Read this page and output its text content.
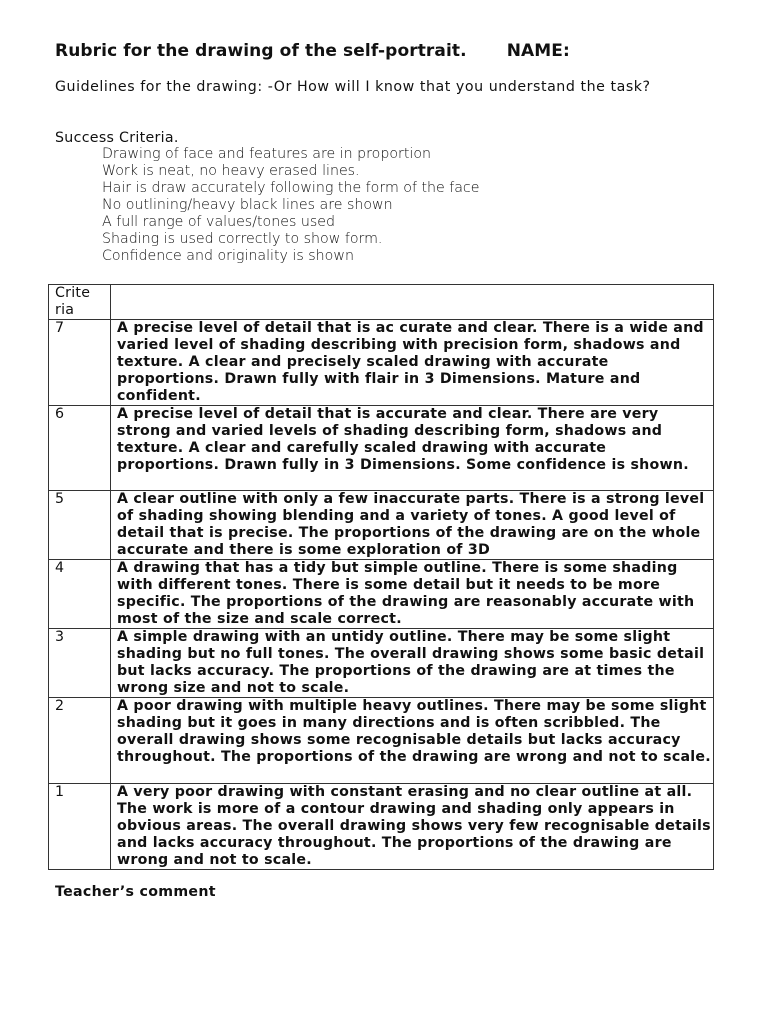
Rubric for the drawing of the self-portrait. NAME:
Guidelines for the drawing: -Or How will I know that you understand the task?
Success Criteria.
Drawing of face and features are in proportion
Work is neat, no heavy erased lines.
Hair is draw accurately following the form of the face
No outlining/heavy black lines are shown
A full range of values/tones used
Shading is used correctly to show form.
Confidence and originality is shown
Crite ria	

7	A precise level of detail that is ac curate and clear. There is a wide and varied level of shading describing with precision form, shadows and texture. A clear and precisely scaled drawing with accurate proportions. Drawn fully with flair in 3 Dimensions. Mature and confident.

6	A precise level of detail that is accurate and clear. There are very strong and varied levels of shading describing form, shadows and texture. A clear and carefully scaled drawing with accurate proportions. Drawn fully in 3 Dimensions. Some confidence is shown.

5	A clear outline with only a few inaccurate parts. There is a strong level of shading showing blending and a variety of tones. A good level of detail that is precise. The proportions of the drawing are on the whole accurate and there is some exploration of 3D

4	A drawing that has a tidy but simple outline. There is some shading with different tones. There is some detail but it needs to be more specific. The proportions of the drawing are reasonably accurate with most of the size and scale correct.

3	A simple drawing with an untidy outline. There may be some slight shading but no full tones. The overall drawing shows some basic detail but lacks accuracy. The proportions of the drawing are at times the wrong size and not to scale.

2	A poor drawing with multiple heavy outlines. There may be some slight shading but it goes in many directions and is often scribbled. The overall drawing shows some recognisable details but lacks accuracy throughout. The proportions of the drawing are wrong and not to scale.

1	A very poor drawing with constant erasing and no clear outline at all. The work is more of a contour drawing and shading only appears in obvious areas. The overall drawing shows very few recognisable details and lacks accuracy throughout. The proportions of the drawing are wrong and not to scale.
Teacher’s comment
